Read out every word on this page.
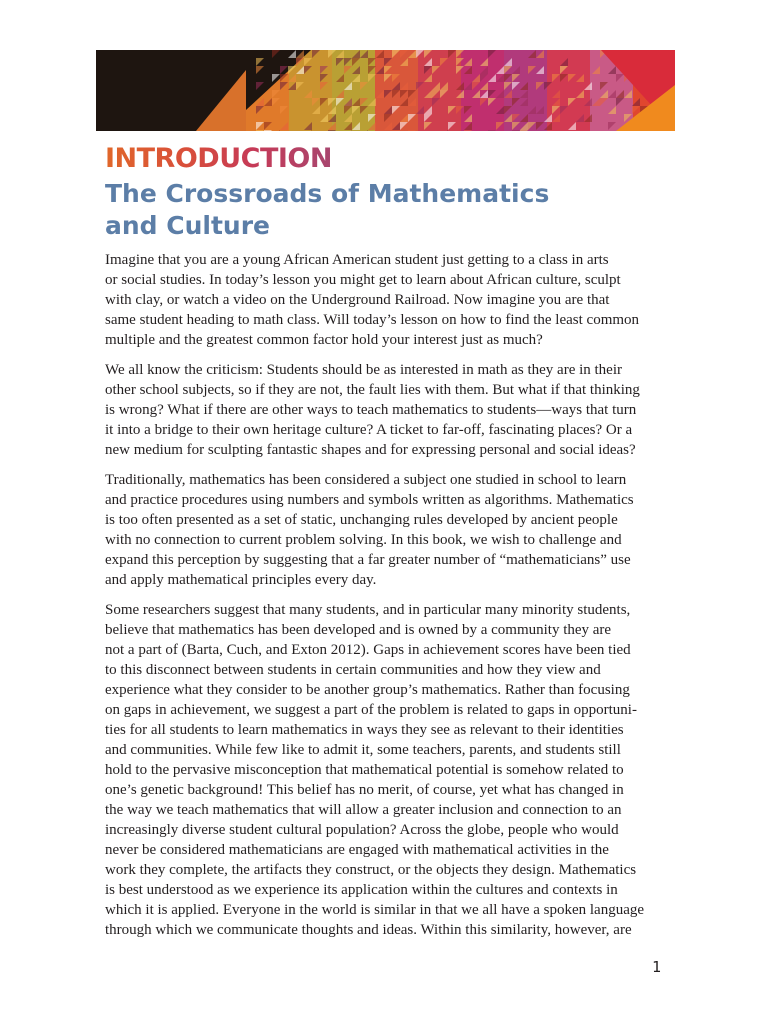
INTRODUCTION
The Crossroads of Mathematics
and Culture

Imagine that you are a young African American student just getting to a class in arts
or social studies. In today’s lesson you might get to learn about African culture, sculpt
with clay, or watch a video on the Underground Railroad. Now imagine you are that
same student heading to math class. Will today’s lesson on how to find the least common
multiple and the greatest common factor hold your interest just as much?

We all know the criticism: Students should be as interested in math as they are in their
other school subjects, so if they are not, the fault lies with them. But what if that thinking
is wrong? What if there are other ways to teach mathematics to students—ways that turn
it into a bridge to their own heritage culture? A ticket to far-off, fascinating places? Or a
new medium for sculpting fantastic shapes and for expressing personal and social ideas?

Traditionally, mathematics has been considered a subject one studied in school to learn
and practice procedures using numbers and symbols written as algorithms. Mathematics
is too often presented as a set of static, unchanging rules developed by ancient people
with no connection to current problem solving. In this book, we wish to challenge and
expand this perception by suggesting that a far greater number of “mathematicians” use
and apply mathematical principles every day.

Some researchers suggest that many students, and in particular many minority students,
believe that mathematics has been developed and is owned by a community they are
not a part of (Barta, Cuch, and Exton 2012). Gaps in achievement scores have been tied
to this disconnect between students in certain communities and how they view and
experience what they consider to be another group’s mathematics. Rather than focusing
on gaps in achievement, we suggest a part of the problem is related to gaps in opportuni-
ties for all students to learn mathematics in ways they see as relevant to their identities
and communities. While few like to admit it, some teachers, parents, and students still
hold to the pervasive misconception that mathematical potential is somehow related to
one’s genetic background! This belief has no merit, of course, yet what has changed in
the way we teach mathematics that will allow a greater inclusion and connection to an
increasingly diverse student cultural population? Across the globe, people who would
never be considered mathematicians are engaged with mathematical activities in the
work they complete, the artifacts they construct, or the objects they design. Mathematics
is best understood as we experience its application within the cultures and contexts in
which it is applied. Everyone in the world is similar in that we all have a spoken language
through which we communicate thoughts and ideas. Within this similarity, however, are

1
